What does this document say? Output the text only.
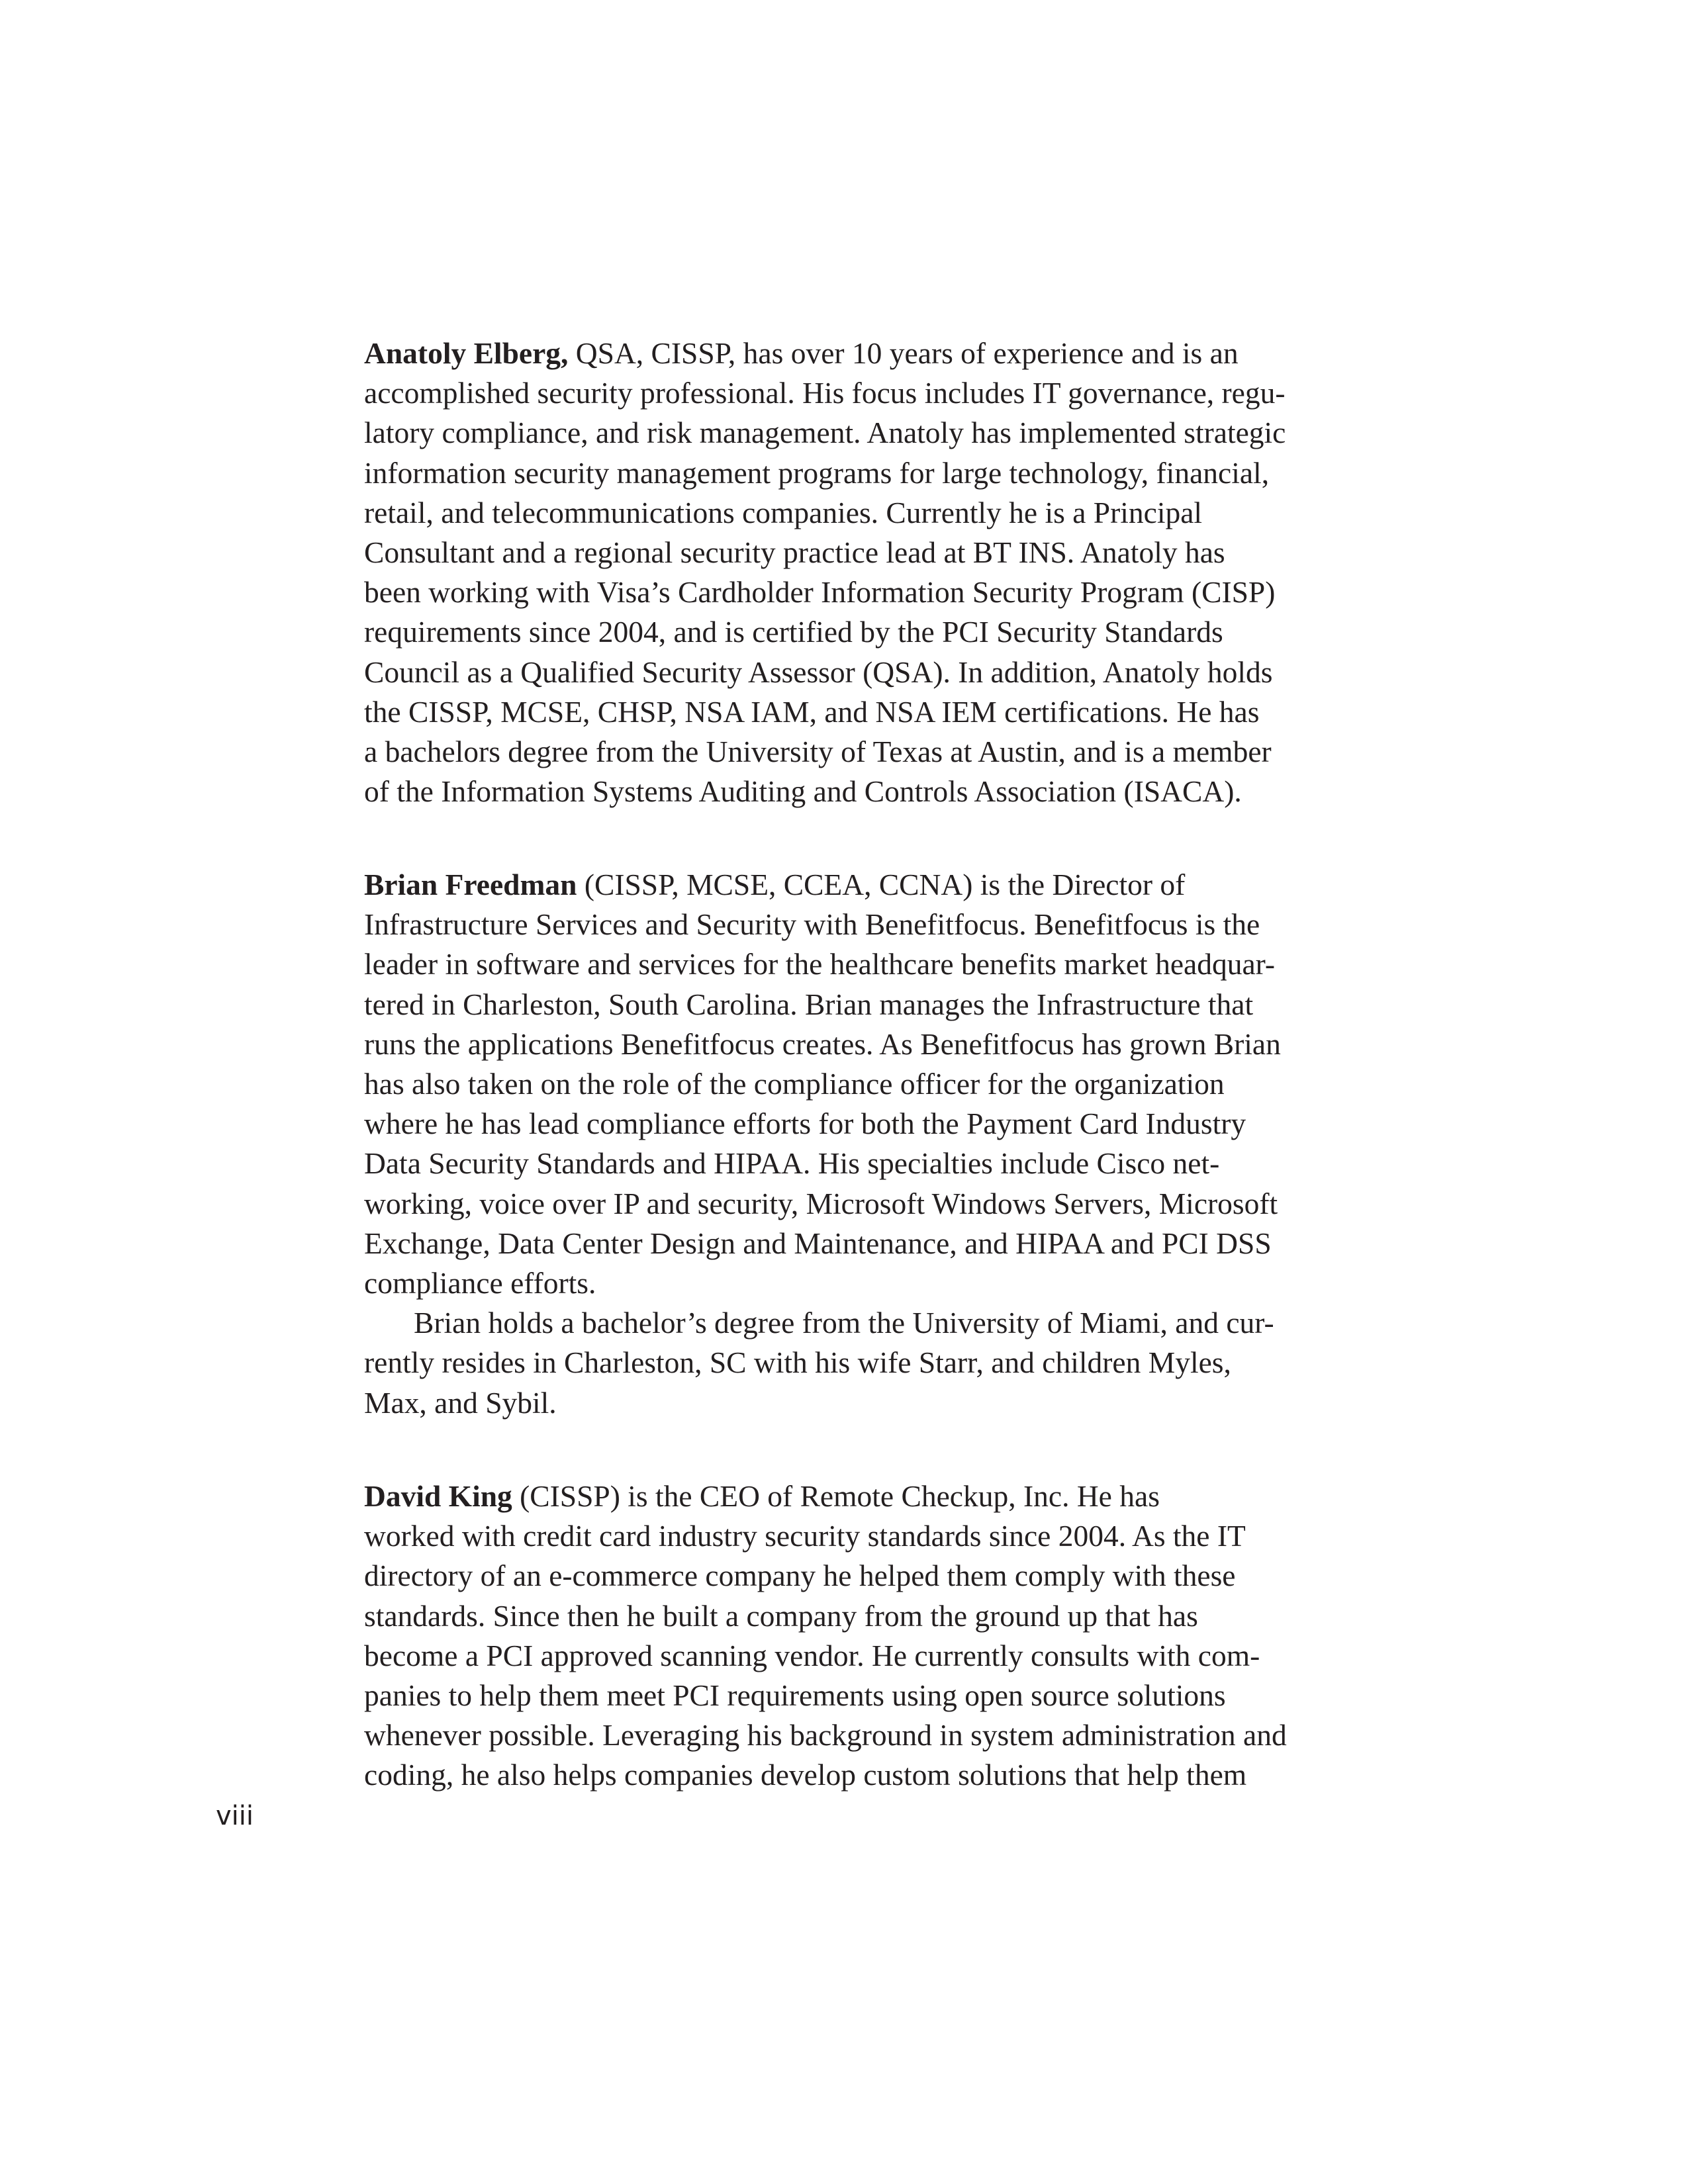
Anatoly Elberg, QSA, CISSP, has over 10 years of experience and is an
accomplished security professional. His focus includes IT governance, regu-
latory compliance, and risk management. Anatoly has implemented strategic
information security management programs for large technology, financial,
retail, and telecommunications companies. Currently he is a Principal
Consultant and a regional security practice lead at BT INS. Anatoly has
been working with Visa’s Cardholder Information Security Program (CISP)
requirements since 2004, and is certified by the PCI Security Standards
Council as a Qualified Security Assessor (QSA). In addition, Anatoly holds
the CISSP, MCSE, CHSP, NSA IAM, and NSA IEM certifications. He has
a bachelors degree from the University of Texas at Austin, and is a member
of the Information Systems Auditing and Controls Association (ISACA).
Brian Freedman (CISSP, MCSE, CCEA, CCNA) is the Director of
Infrastructure Services and Security with Benefitfocus. Benefitfocus is the
leader in software and services for the healthcare benefits market headquar-
tered in Charleston, South Carolina. Brian manages the Infrastructure that
runs the applications Benefitfocus creates. As Benefitfocus has grown Brian
has also taken on the role of the compliance officer for the organization
where he has lead compliance efforts for both the Payment Card Industry
Data Security Standards and HIPAA. His specialties include Cisco net-
working, voice over IP and security, Microsoft Windows Servers, Microsoft
Exchange, Data Center Design and Maintenance, and HIPAA and PCI DSS
compliance efforts.
Brian holds a bachelor’s degree from the University of Miami, and cur-
rently resides in Charleston, SC with his wife Starr, and children Myles,
Max, and Sybil.
David King (CISSP) is the CEO of Remote Checkup, Inc. He has
worked with credit card industry security standards since 2004. As the IT
directory of an e-commerce company he helped them comply with these
standards. Since then he built a company from the ground up that has
become a PCI approved scanning vendor. He currently consults with com-
panies to help them meet PCI requirements using open source solutions
whenever possible. Leveraging his background in system administration and
coding, he also helps companies develop custom solutions that help them
viii
